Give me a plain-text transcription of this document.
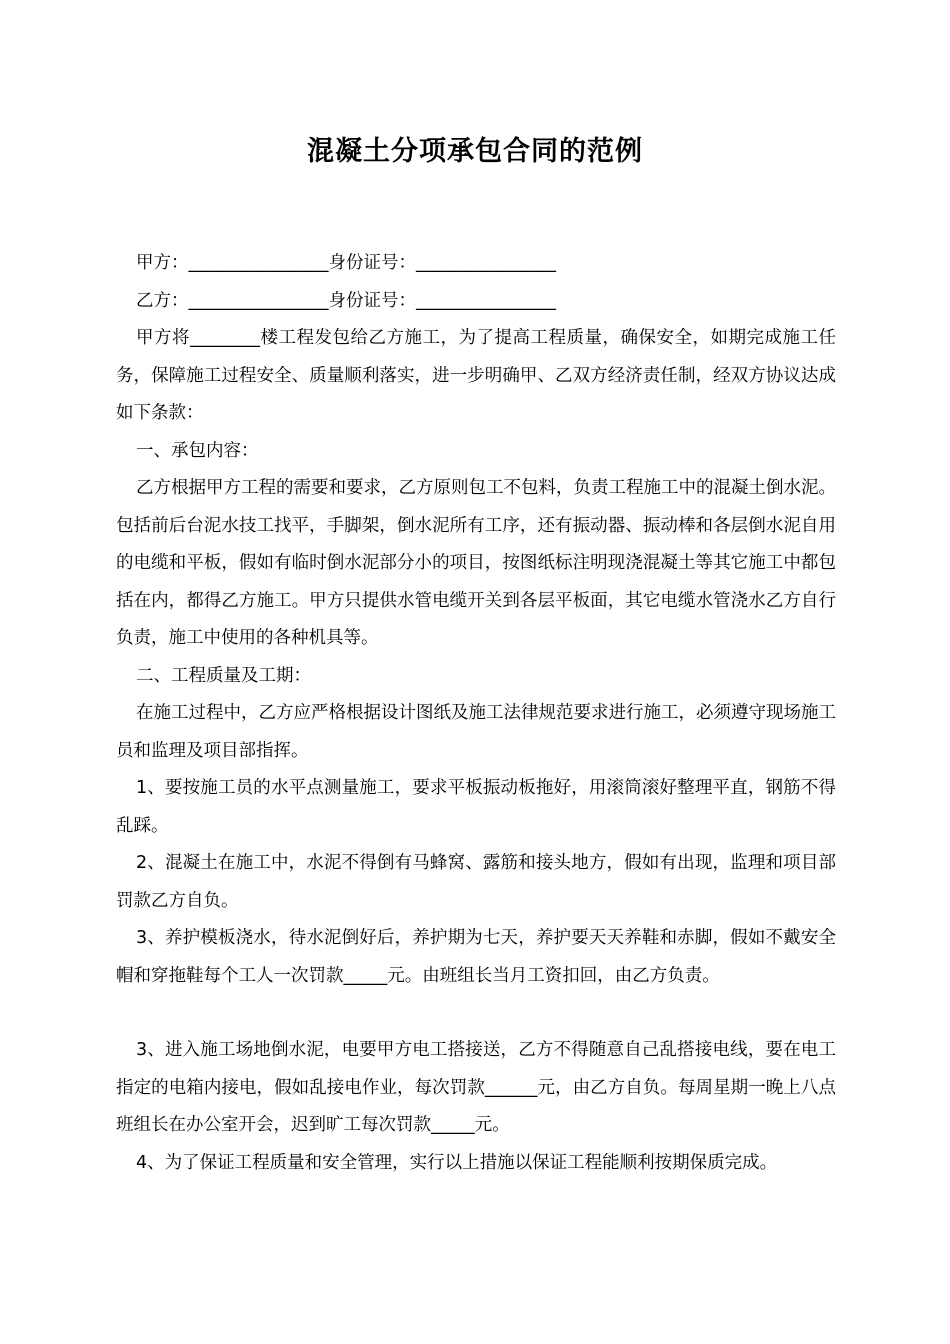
混凝土分项承包合同的范例

甲方：________________身份证号：________________

乙方：________________身份证号：________________

甲方将________楼工程发包给乙方施工，为了提高工程质量，确保安全，如期完成施工任务，保障施工过程安全、质量顺利落实，进一步明确甲、乙双方经济责任制，经双方协议达成如下条款：

一、承包内容：

乙方根据甲方工程的需要和要求，乙方原则包工不包料，负责工程施工中的混凝土倒水泥。包括前后台泥水技工找平，手脚架，倒水泥所有工序，还有振动器、振动棒和各层倒水泥自用的电缆和平板，假如有临时倒水泥部分小的项目，按图纸标注明现浇混凝土等其它施工中都包括在内，都得乙方施工。甲方只提供水管电缆开关到各层平板面，其它电缆水管浇水乙方自行负责，施工中使用的各种机具等。

二、工程质量及工期：

在施工过程中，乙方应严格根据设计图纸及施工法律规范要求进行施工，必须遵守现场施工员和监理及项目部指挥。

1、要按施工员的水平点测量施工，要求平板振动板拖好，用滚筒滚好整理平直，钢筋不得乱踩。

2、混凝土在施工中，水泥不得倒有马蜂窝、露筋和接头地方，假如有出现，监理和项目部罚款乙方自负。

3、养护模板浇水，待水泥倒好后，养护期为七天，养护要天天养鞋和赤脚，假如不戴安全帽和穿拖鞋每个工人一次罚款_____元。由班组长当月工资扣回，由乙方负责。

3、进入施工场地倒水泥，电要甲方电工搭接送，乙方不得随意自己乱搭接电线，要在电工指定的电箱内接电，假如乱接电作业，每次罚款______元，由乙方自负。每周星期一晚上八点班组长在办公室开会，迟到旷工每次罚款_____元。

4、为了保证工程质量和安全管理，实行以上措施以保证工程能顺利按期保质完成。
